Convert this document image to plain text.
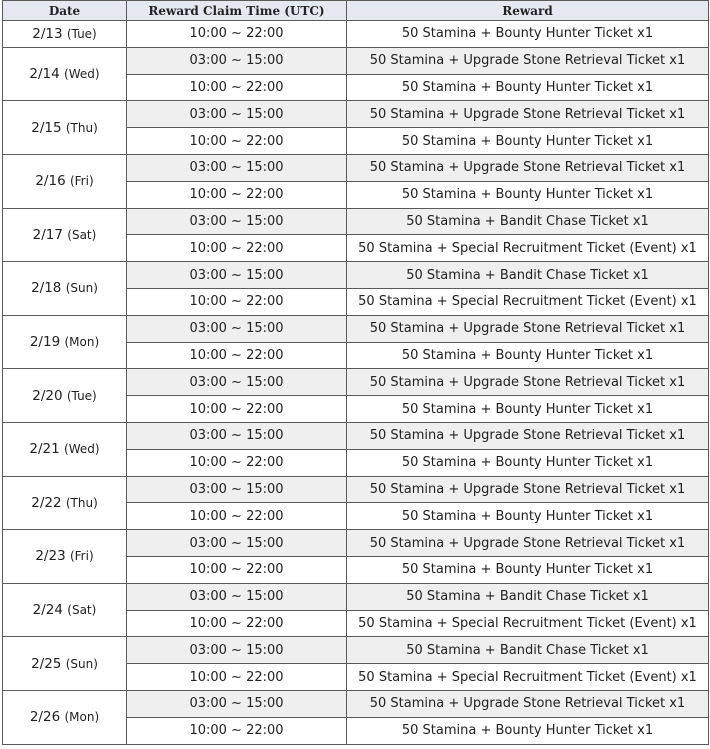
Date	Reward Claim Time (UTC)	Reward
2/13 (Tue)	10:00 ~ 22:00	50 Stamina + Bounty Hunter Ticket x1
2/14 (Wed)	03:00 ~ 15:00	50 Stamina + Upgrade Stone Retrieval Ticket x1
	10:00 ~ 22:00	50 Stamina + Bounty Hunter Ticket x1
2/15 (Thu)	03:00 ~ 15:00	50 Stamina + Upgrade Stone Retrieval Ticket x1
	10:00 ~ 22:00	50 Stamina + Bounty Hunter Ticket x1
2/16 (Fri)	03:00 ~ 15:00	50 Stamina + Upgrade Stone Retrieval Ticket x1
	10:00 ~ 22:00	50 Stamina + Bounty Hunter Ticket x1
2/17 (Sat)	03:00 ~ 15:00	50 Stamina + Bandit Chase Ticket x1
	10:00 ~ 22:00	50 Stamina + Special Recruitment Ticket (Event) x1
2/18 (Sun)	03:00 ~ 15:00	50 Stamina + Bandit Chase Ticket x1
	10:00 ~ 22:00	50 Stamina + Special Recruitment Ticket (Event) x1
2/19 (Mon)	03:00 ~ 15:00	50 Stamina + Upgrade Stone Retrieval Ticket x1
	10:00 ~ 22:00	50 Stamina + Bounty Hunter Ticket x1
2/20 (Tue)	03:00 ~ 15:00	50 Stamina + Upgrade Stone Retrieval Ticket x1
	10:00 ~ 22:00	50 Stamina + Bounty Hunter Ticket x1
2/21 (Wed)	03:00 ~ 15:00	50 Stamina + Upgrade Stone Retrieval Ticket x1
	10:00 ~ 22:00	50 Stamina + Bounty Hunter Ticket x1
2/22 (Thu)	03:00 ~ 15:00	50 Stamina + Upgrade Stone Retrieval Ticket x1
	10:00 ~ 22:00	50 Stamina + Bounty Hunter Ticket x1
2/23 (Fri)	03:00 ~ 15:00	50 Stamina + Upgrade Stone Retrieval Ticket x1
	10:00 ~ 22:00	50 Stamina + Bounty Hunter Ticket x1
2/24 (Sat)	03:00 ~ 15:00	50 Stamina + Bandit Chase Ticket x1
	10:00 ~ 22:00	50 Stamina + Special Recruitment Ticket (Event) x1
2/25 (Sun)	03:00 ~ 15:00	50 Stamina + Bandit Chase Ticket x1
	10:00 ~ 22:00	50 Stamina + Special Recruitment Ticket (Event) x1
2/26 (Mon)	03:00 ~ 15:00	50 Stamina + Upgrade Stone Retrieval Ticket x1
	10:00 ~ 22:00	50 Stamina + Bounty Hunter Ticket x1
